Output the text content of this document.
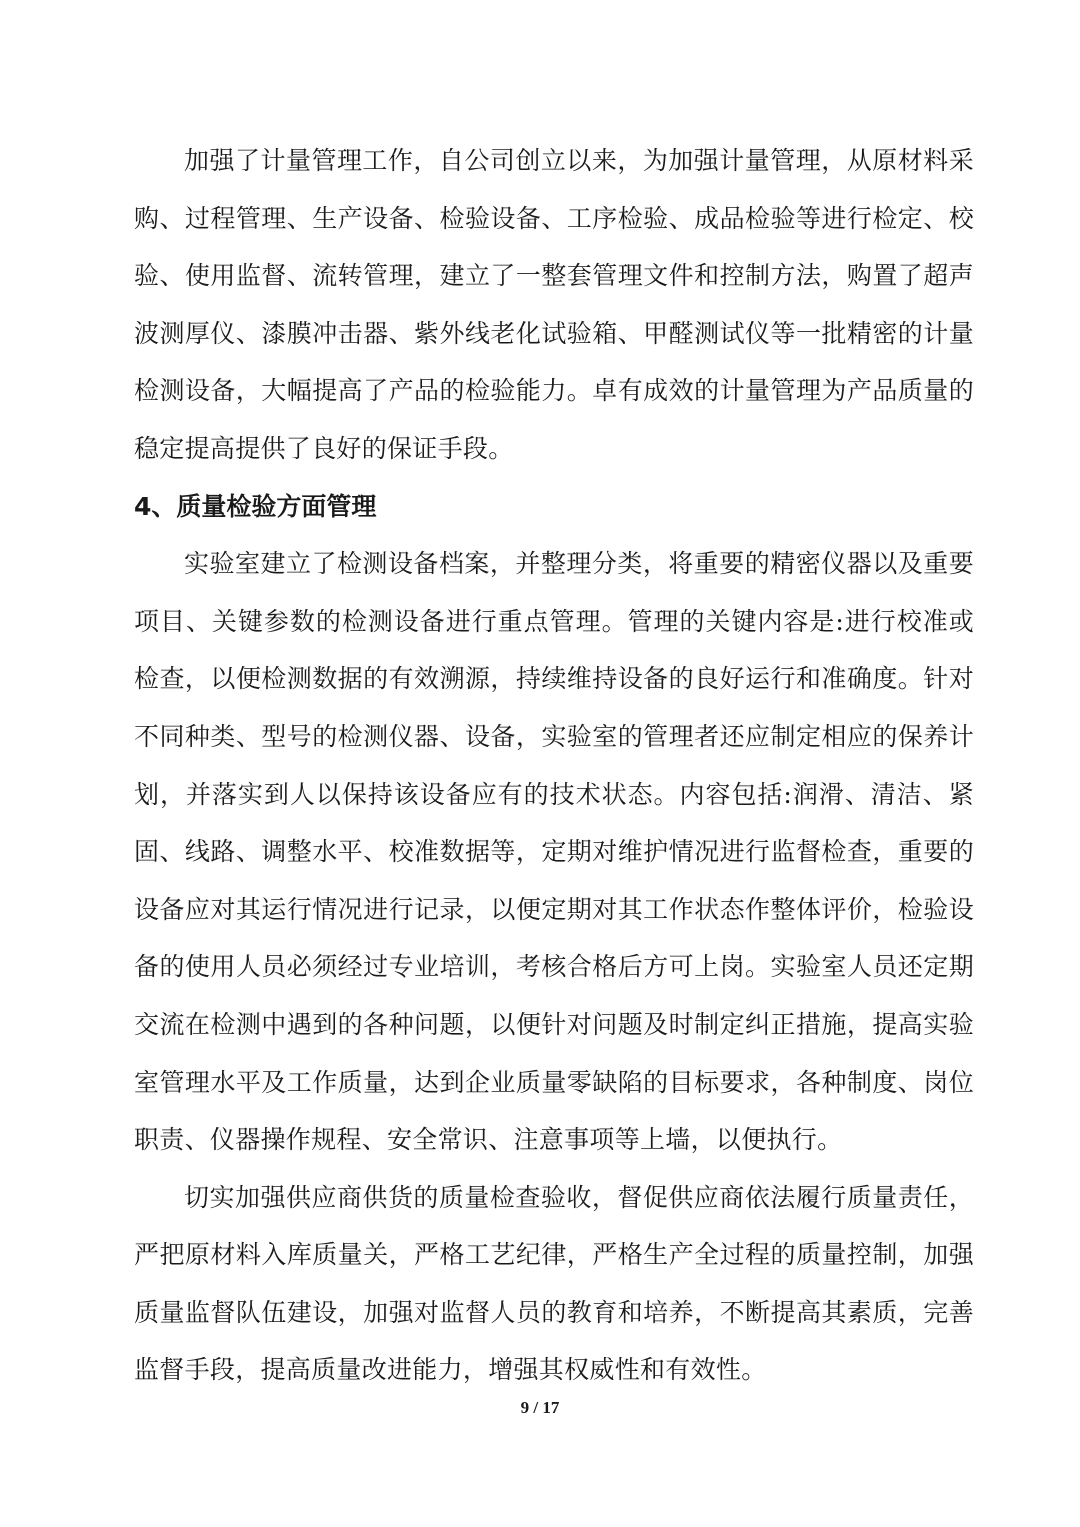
加强了计量管理工作，自公司创立以来，为加强计量管理，从原材料采购、过程管理、生产设备、检验设备、工序检验、成品检验等进行检定、校验、使用监督、流转管理，建立了一整套管理文件和控制方法，购置了超声波测厚仪、漆膜冲击器、紫外线老化试验箱、甲醛测试仪等一批精密的计量检测设备，大幅提高了产品的检验能力。卓有成效的计量管理为产品质量的稳定提高提供了良好的保证手段。

4、质量检验方面管理

实验室建立了检测设备档案，并整理分类，将重要的精密仪器以及重要项目、关键参数的检测设备进行重点管理。管理的关键内容是:进行校准或检查，以便检测数据的有效溯源，持续维持设备的良好运行和准确度。针对不同种类、型号的检测仪器、设备，实验室的管理者还应制定相应的保养计划，并落实到人以保持该设备应有的技术状态。内容包括:润滑、清洁、紧固、线路、调整水平、校准数据等，定期对维护情况进行监督检查，重要的设备应对其运行情况进行记录，以便定期对其工作状态作整体评价，检验设备的使用人员必须经过专业培训，考核合格后方可上岗。实验室人员还定期交流在检测中遇到的各种问题，以便针对问题及时制定纠正措施，提高实验室管理水平及工作质量，达到企业质量零缺陷的目标要求，各种制度、岗位职责、仪器操作规程、安全常识、注意事项等上墙，以便执行。

切实加强供应商供货的质量检查验收，督促供应商依法履行质量责任，严把原材料入库质量关，严格工艺纪律，严格生产全过程的质量控制，加强质量监督队伍建设，加强对监督人员的教育和培养，不断提高其素质，完善监督手段，提高质量改进能力，增强其权威性和有效性。

9 / 17
